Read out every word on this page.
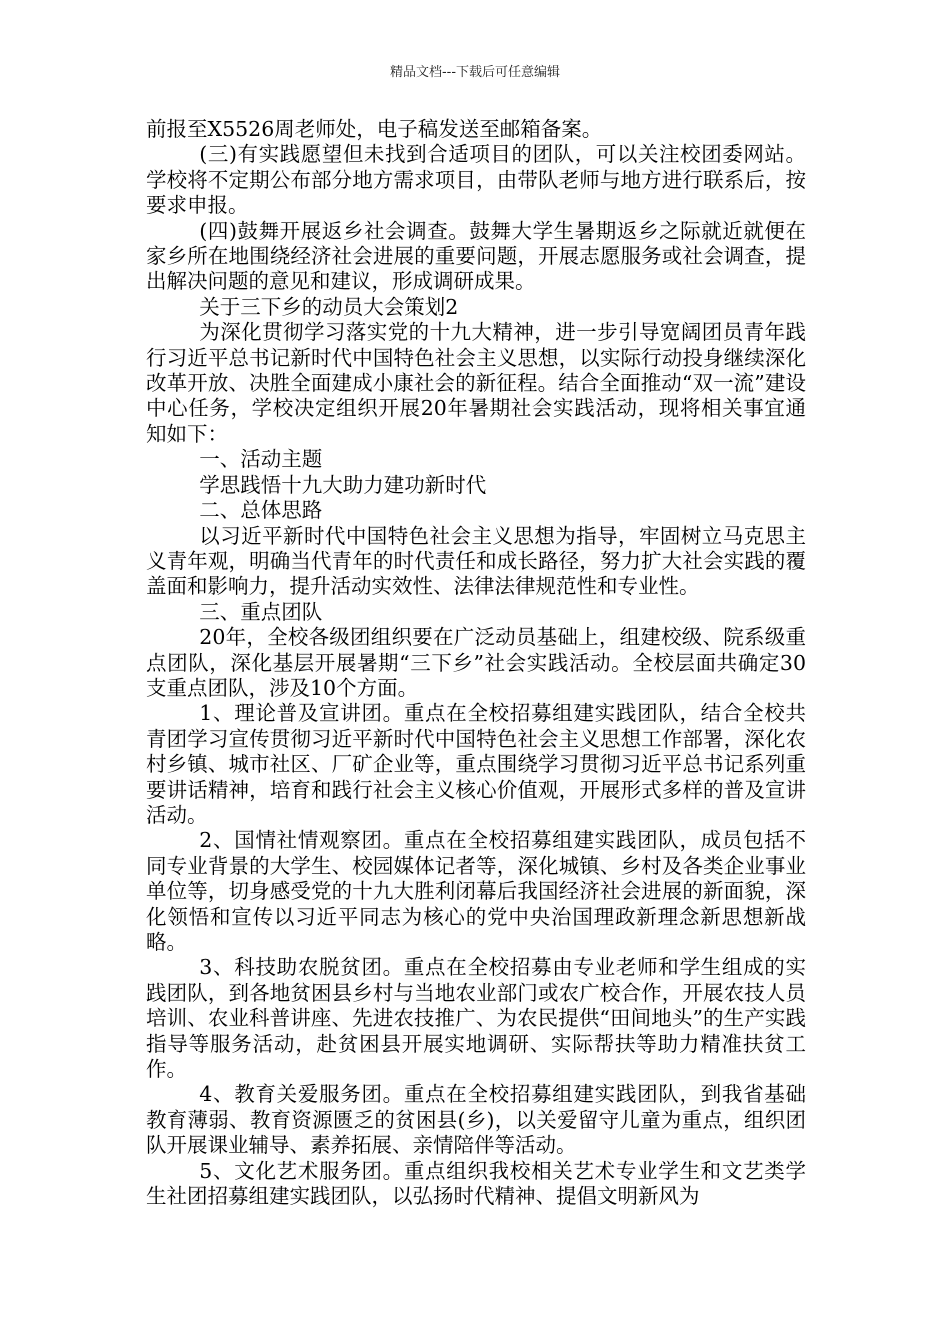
精品文档---下载后可任意编辑

前报至X5526周老师处，电子稿发送至邮箱备案。

(三)有实践愿望但未找到合适项目的团队，可以关注校团委网站。学校将不定期公布部分地方需求项目，由带队老师与地方进行联系后，按要求申报。

(四)鼓舞开展返乡社会调查。鼓舞大学生暑期返乡之际就近就便在家乡所在地围绕经济社会进展的重要问题，开展志愿服务或社会调查，提出解决问题的意见和建议，形成调研成果。

关于三下乡的动员大会策划2

为深化贯彻学习落实党的十九大精神，进一步引导宽阔团员青年践行习近平总书记新时代中国特色社会主义思想，以实际行动投身继续深化改革开放、决胜全面建成小康社会的新征程。结合全面推动“双一流”建设中心任务，学校决定组织开展20年暑期社会实践活动，现将相关事宜通知如下：

一、活动主题

学思践悟十九大助力建功新时代

二、总体思路

以习近平新时代中国特色社会主义思想为指导，牢固树立马克思主义青年观，明确当代青年的时代责任和成长路径，努力扩大社会实践的覆盖面和影响力，提升活动实效性、法律法律规范性和专业性。

三、重点团队

20年，全校各级团组织要在广泛动员基础上，组建校级、院系级重点团队，深化基层开展暑期“三下乡”社会实践活动。全校层面共确定30支重点团队，涉及10个方面。

1、理论普及宣讲团。重点在全校招募组建实践团队，结合全校共青团学习宣传贯彻习近平新时代中国特色社会主义思想工作部署，深化农村乡镇、城市社区、厂矿企业等，重点围绕学习贯彻习近平总书记系列重要讲话精神，培育和践行社会主义核心价值观，开展形式多样的普及宣讲活动。

2、国情社情观察团。重点在全校招募组建实践团队，成员包括不同专业背景的大学生、校园媒体记者等，深化城镇、乡村及各类企业事业单位等，切身感受党的十九大胜利闭幕后我国经济社会进展的新面貌，深化领悟和宣传以习近平同志为核心的党中央治国理政新理念新思想新战略。

3、科技助农脱贫团。重点在全校招募由专业老师和学生组成的实践团队，到各地贫困县乡村与当地农业部门或农广校合作，开展农技人员培训、农业科普讲座、先进农技推广、为农民提供“田间地头”的生产实践指导等服务活动，赴贫困县开展实地调研、实际帮扶等助力精准扶贫工作。

4、教育关爱服务团。重点在全校招募组建实践团队，到我省基础教育薄弱、教育资源匮乏的贫困县(乡)，以关爱留守儿童为重点，组织团队开展课业辅导、素养拓展、亲情陪伴等活动。

5、文化艺术服务团。重点组织我校相关艺术专业学生和文艺类学生社团招募组建实践团队，以弘扬时代精神、提倡文明新风为
